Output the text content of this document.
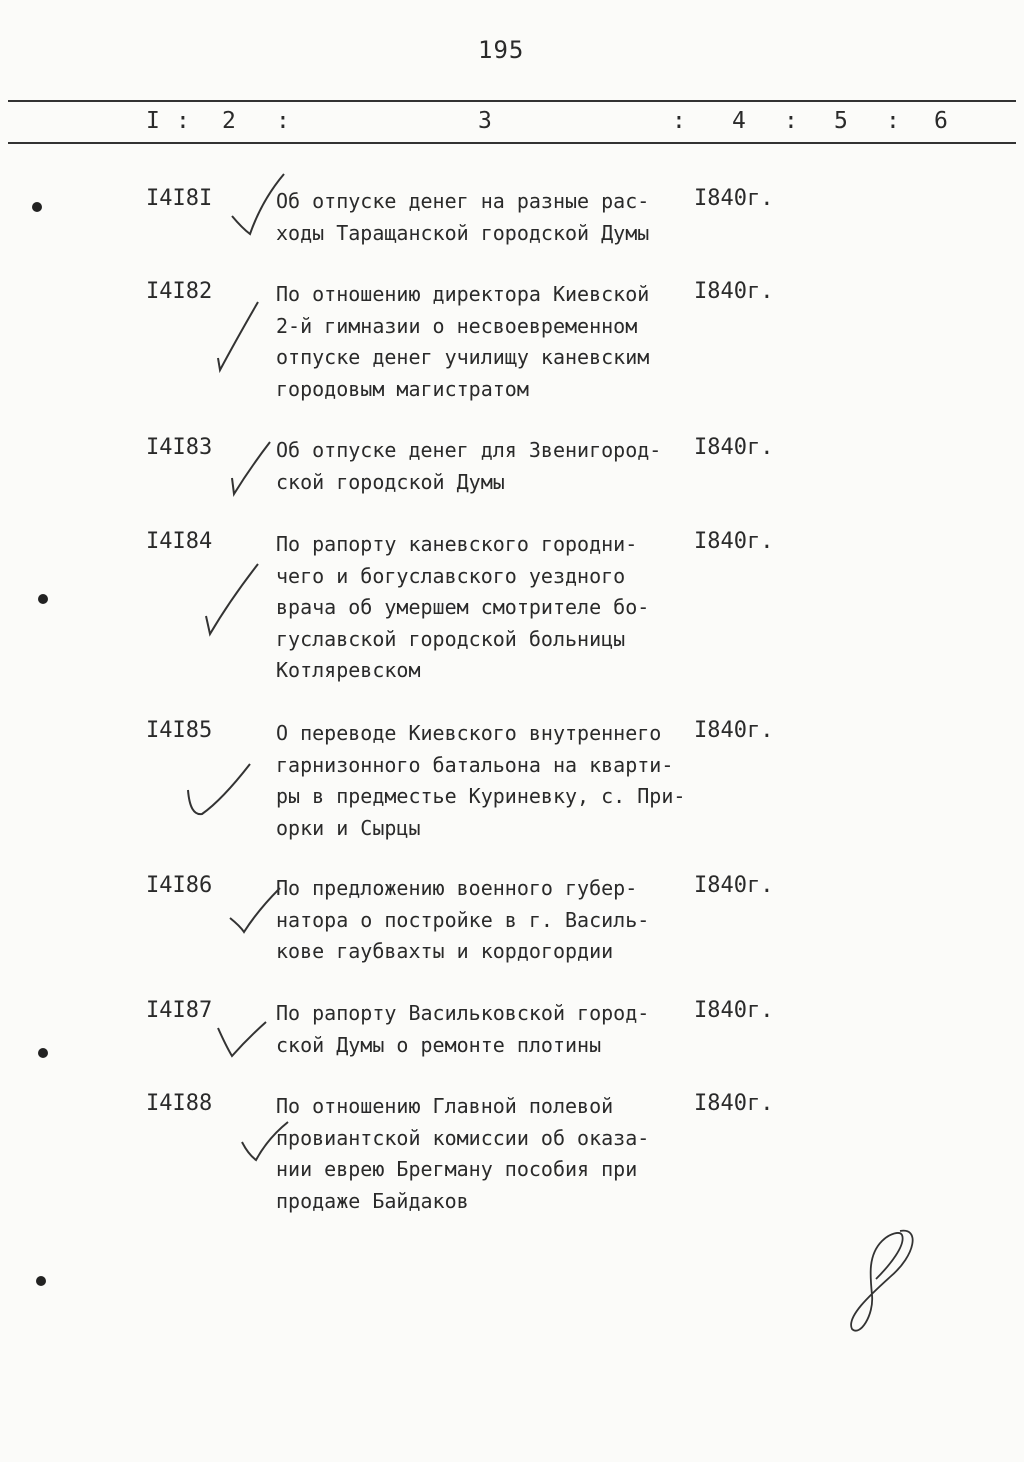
195
I : 2 :	3	: 4 : 5 : 6
I4I8I	Об отпуске денег на разные рас-
ходы Таращанской городской Думы
I840г.
I4I82	По отношению директора Киевской
2-й гимназии о несвоевременном
отпуске денег училищу каневским
городовым магистратом
I840г.
I4I83	Об отпуске денег для Звенигород-
ской городской Думы
I840г.
I4I84	По рапорту каневского городни-
чего и богуславского уездного
врача об умершем смотрителе бо-
гуславской городской больницы
Котляревском
I840г.
I4I85	О переводе Киевского внутреннего
гарнизонного батальона на кварти-
ры в предместье Куриневку, с. При-
орки и Сырцы
I840г.
I4I86	По предложению военного губер-
натора о постройке в г. Василь-
кове гаубвахты и кордогордии
I840г.
I4I87	По рапорту Васильковской город-
ской Думы о ремонте плотины
I840г.
I4I88	По отношению Главной полевой
провиантской комиссии об оказа-
нии еврею Брегману пособия при
продаже Байдаков
I840г.
